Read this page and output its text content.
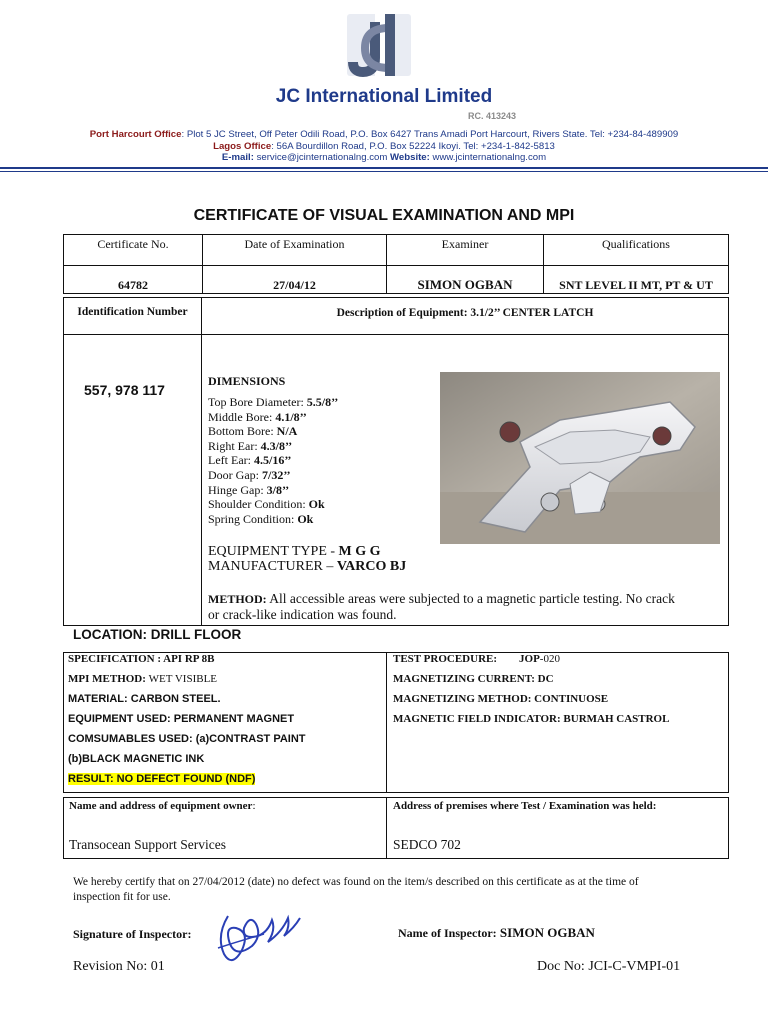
JC International Limited
RC. 413243
Port Harcourt Office: Plot 5 JC Street, Off Peter Odili Road, P.O. Box 6427 Trans Amadi Port Harcourt, Rivers State. Tel: +234-84-489909
Lagos Office: 56A Bourdillon Road, P.O. Box 52224 Ikoyi. Tel: +234-1-842-5813
E-mail: service@jcinternationalng.com Website: www.jcinternationalng.com
CERTIFICATE OF VISUAL EXAMINATION AND MPI
Certificate No.	Date of Examination	Examiner	Qualifications
64782	27/04/12	SIMON OGBAN	SNT LEVEL II MT, PT & UT
Identification Number	Description of Equipment: 3.1/2’’ CENTER LATCH
557, 978 117
DIMENSIONS
Top Bore Diameter: 5.5/8’’
Middle Bore: 4.1/8’’
Bottom Bore: N/A
Right Ear: 4.3/8’’
Left Ear: 4.5/16’’
Door Gap: 7/32’’
Hinge Gap: 3/8’’
Shoulder Condition: Ok
Spring Condition: Ok
EQUIPMENT TYPE - M G G
MANUFACTURER – VARCO BJ
METHOD: All accessible areas were subjected to a magnetic particle testing. No crack
or crack-like indication was found.
LOCATION: DRILL FLOOR
SPECIFICATION : API RP 8B
MPI METHOD: WET VISIBLE
MATERIAL: CARBON STEEL.
EQUIPMENT USED: PERMANENT MAGNET
COMSUMABLES USED: (a)CONTRAST PAINT
(b)BLACK MAGNETIC INK
RESULT: NO DEFECT FOUND (NDF)
TEST PROCEDURE: JOP-020
MAGNETIZING CURRENT: DC
MAGNETIZING METHOD: CONTINUOSE
MAGNETIC FIELD INDICATOR: BURMAH CASTROL
Name and address of equipment owner:
Transocean Support Services
Address of premises where Test / Examination was held:
SEDCO 702
We hereby certify that on 27/04/2012 (date) no defect was found on the item/s described on this certificate as at the time of
inspection fit for use.
Signature of Inspector:	Name of Inspector: SIMON OGBAN
Revision No: 01	Doc No: JCI-C-VMPI-01
